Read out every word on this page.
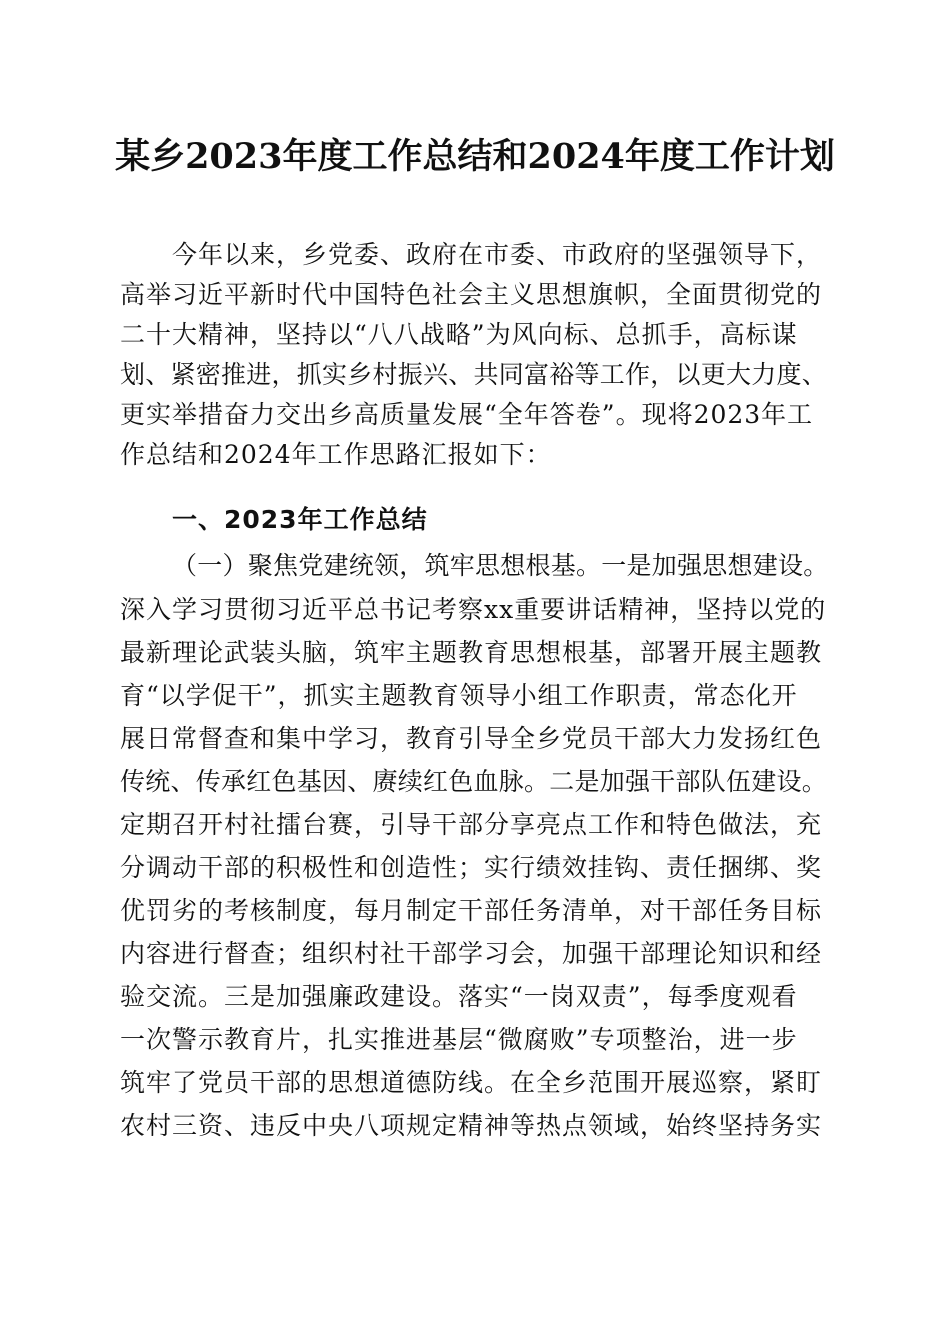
某乡2023年度工作总结和2024年度工作计划
今年以来，乡党委、政府在市委、市政府的坚强领导下，
高举习近平新时代中国特色社会主义思想旗帜，全面贯彻党的
二十大精神，坚持以“八八战略”为风向标、总抓手，高标谋
划、紧密推进，抓实乡村振兴、共同富裕等工作，以更大力度、
更实举措奋力交出乡高质量发展“全年答卷”。现将2023年工
作总结和2024年工作思路汇报如下：
一、2023年工作总结
（一）聚焦党建统领，筑牢思想根基。一是加强思想建设。
深入学习贯彻习近平总书记考察xx重要讲话精神，坚持以党的
最新理论武装头脑，筑牢主题教育思想根基，部署开展主题教
育“以学促干”，抓实主题教育领导小组工作职责，常态化开
展日常督查和集中学习，教育引导全乡党员干部大力发扬红色
传统、传承红色基因、赓续红色血脉。二是加强干部队伍建设。
定期召开村社擂台赛，引导干部分享亮点工作和特色做法，充
分调动干部的积极性和创造性；实行绩效挂钩、责任捆绑、奖
优罚劣的考核制度，每月制定干部任务清单，对干部任务目标
内容进行督查；组织村社干部学习会，加强干部理论知识和经
验交流。三是加强廉政建设。落实“一岗双责”，每季度观看
一次警示教育片，扎实推进基层“微腐败”专项整治，进一步
筑牢了党员干部的思想道德防线。在全乡范围开展巡察，紧盯
农村三资、违反中央八项规定精神等热点领域，始终坚持务实
